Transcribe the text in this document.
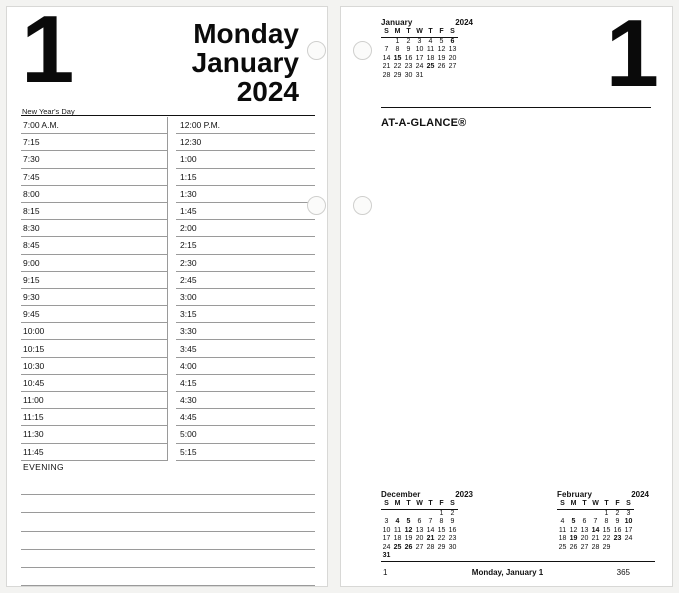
1	Monday
January
2024
New Year's Day
7:00 A.M.
7:15
7:30
7:45
8:00
8:15
8:30
8:45
9:00
9:15
9:30
9:45
10:00
10:15
10:30
10:45
11:00
11:15
11:30
11:45
12:00 P.M.
12:30
1:00
1:15
1:30
1:45
2:00
2:15
2:30
2:45
3:00
3:15
3:30
3:45
4:00
4:15
4:30
4:45
5:00
5:15
EVENING
1
January	2024
S	M	T	W	T	F	S
	1	2	3	4	5	6
7	8	9	10	11	12	13
14	15	16	17	18	19	20
21	22	23	24	25	26	27
28	29	30	31			
AT-A-GLANCE®
December	2023
S	M	T	W	T	F	S
					1	2
3	4	5	6	7	8	9
10	11	12	13	14	15	16
17	18	19	20	21	22	23
24	25	26	27	28	29	30
31						
February	2024
S	M	T	W	T	F	S
				1	2	3
4	5	6	7	8	9	10
11	12	13	14	15	16	17
18	19	20	21	22	23	24
25	26	27	28	29		
1	Monday, January 1	365
